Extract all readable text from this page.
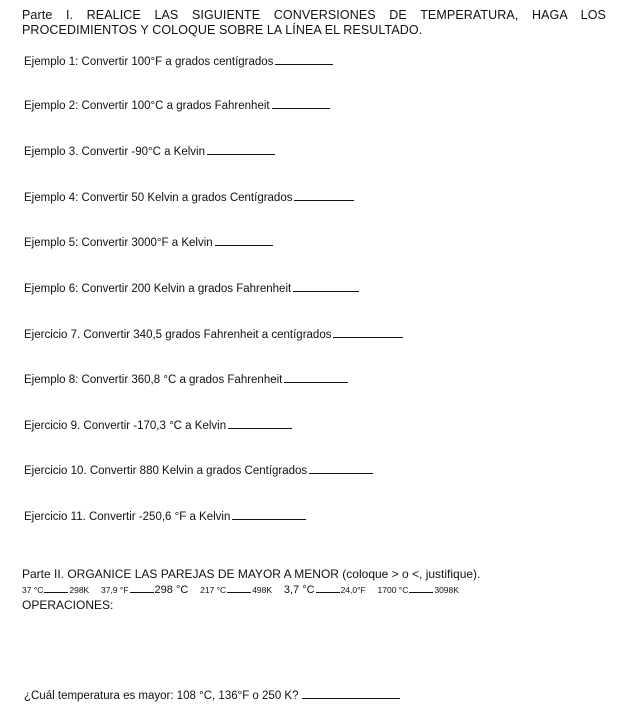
Parte I. REALICE LAS SIGUIENTE CONVERSIONES DE TEMPERATURA, HAGA LOS PROCEDIMIENTOS Y COLOQUE SOBRE LA LÍNEA EL RESULTADO.
Ejemplo 1: Convertir 100°F a grados centígrados
Ejemplo 2: Convertir 100°C a grados Fahrenheit
Ejemplo 3. Convertir -90°C a Kelvin
Ejemplo 4: Convertir 50 Kelvin a grados Centígrados
Ejemplo 5: Convertir 3000°F a Kelvin
Ejemplo 6: Convertir 200 Kelvin a grados Fahrenheit
Ejercicio 7. Convertir 340,5 grados Fahrenheit a centígrados
Ejemplo 8: Convertir 360,8 °C a grados Fahrenheit
Ejercicio 9. Convertir -170,3 °C a Kelvin
Ejercicio 10. Convertir 880 Kelvin a grados Centígrados
Ejercicio 11. Convertir -250,6 °F a Kelvin
Parte II. ORGANICE LAS PAREJAS DE MAYOR A MENOR (coloque > o <, justifique).
37 °C	298K 37,9 °F 298 °C 217 °C	498K 3,7 °C	24,0°F 1700 °C	3098K
OPERACIONES:
¿Cuál temperatura es mayor: 108 °C, 136°F o 250 K?
